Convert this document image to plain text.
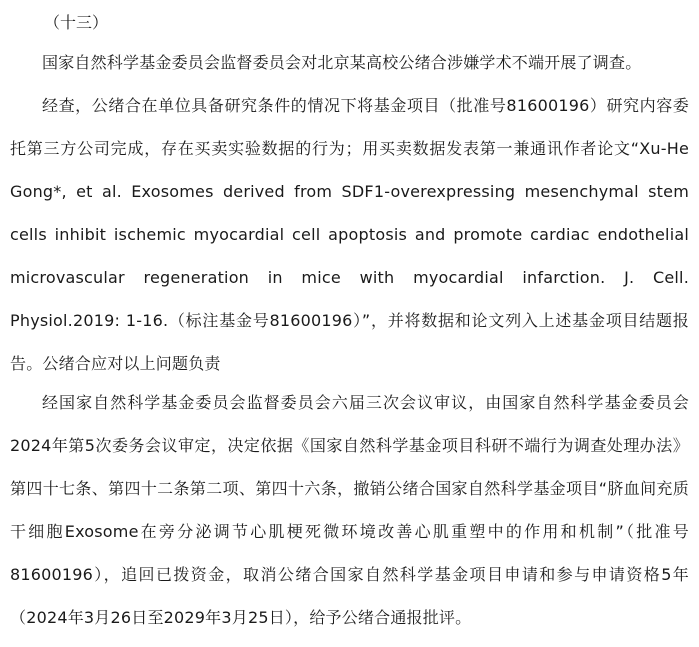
（十三）

国家自然科学基金委员会监督委员会对北京某高校公绪合涉嫌学术不端开展了调查。

经查，公绪合在单位具备研究条件的情况下将基金项目（批准号81600196）研究内容委托第三方公司完成，存在买卖实验数据的行为；用买卖数据发表第一兼通讯作者论文“Xu-He Gong*, et al. Exosomes derived from SDF1-overexpressing mesenchymal stem cells inhibit ischemic myocardial cell apoptosis and promote cardiac endothelial microvascular regeneration in mice with myocardial infarction. J. Cell. Physiol.2019: 1-16.（标注基金号81600196）”，并将数据和论文列入上述基金项目结题报告。公绪合应对以上问题负责

经国家自然科学基金委员会监督委员会六届三次会议审议，由国家自然科学基金委员会2024年第5次委务会议审定，决定依据《国家自然科学基金项目科研不端行为调查处理办法》第四十七条、第四十二条第二项、第四十六条，撤销公绪合国家自然科学基金项目“脐血间充质干细胞Exosome在旁分泌调节心肌梗死微环境改善心肌重塑中的作用和机制”（批准号81600196），追回已拨资金，取消公绪合国家自然科学基金项目申请和参与申请资格5年（2024年3月26日至2029年3月25日），给予公绪合通报批评。
